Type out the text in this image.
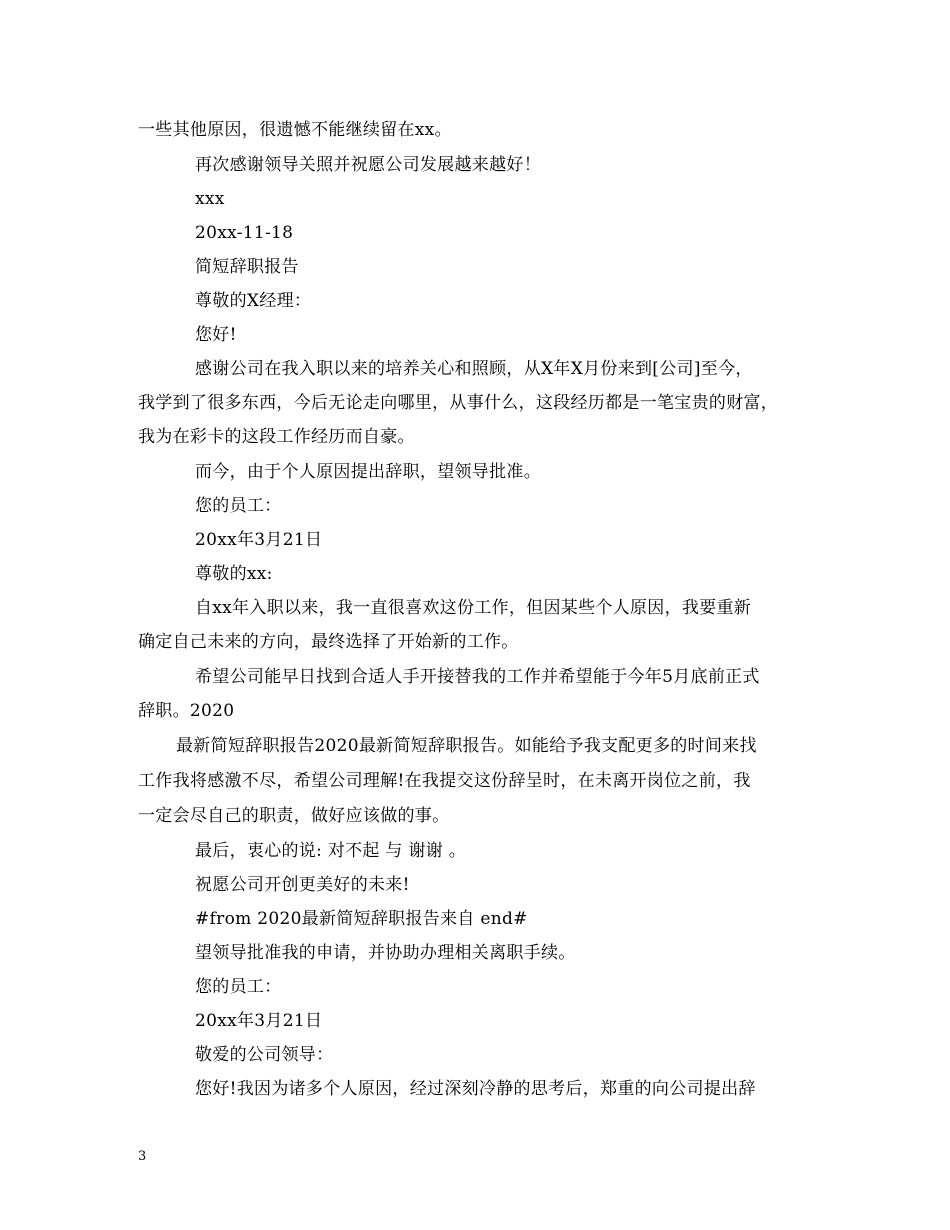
一些其他原因，很遗憾不能继续留在xx。
再次感谢领导关照并祝愿公司发展越来越好！
xxx
20xx-11-18
简短辞职报告
尊敬的X经理：
您好!
感谢公司在我入职以来的培养关心和照顾，从X年X月份来到[公司]至今，
我学到了很多东西，今后无论走向哪里，从事什么，这段经历都是一笔宝贵的财富，
我为在彩卡的这段工作经历而自豪。
而今，由于个人原因提出辞职，望领导批准。
您的员工：
20xx年3月21日
尊敬的xx:
自xx年入职以来，我一直很喜欢这份工作，但因某些个人原因，我要重新
确定自己未来的方向，最终选择了开始新的工作。
希望公司能早日找到合适人手开接替我的工作并希望能于今年5月底前正式
辞职。2020
最新简短辞职报告2020最新简短辞职报告。如能给予我支配更多的时间来找
工作我将感激不尽，希望公司理解!在我提交这份辞呈时，在未离开岗位之前，我
一定会尽自己的职责，做好应该做的事。
最后，衷心的说: 对不起 与 谢谢 。
祝愿公司开创更美好的未来!
#from 2020最新简短辞职报告来自 end#
望领导批准我的申请，并协助办理相关离职手续。
您的员工：
20xx年3月21日
敬爱的公司领导：
您好!我因为诸多个人原因，经过深刻冷静的思考后，郑重的向公司提出辞
3
